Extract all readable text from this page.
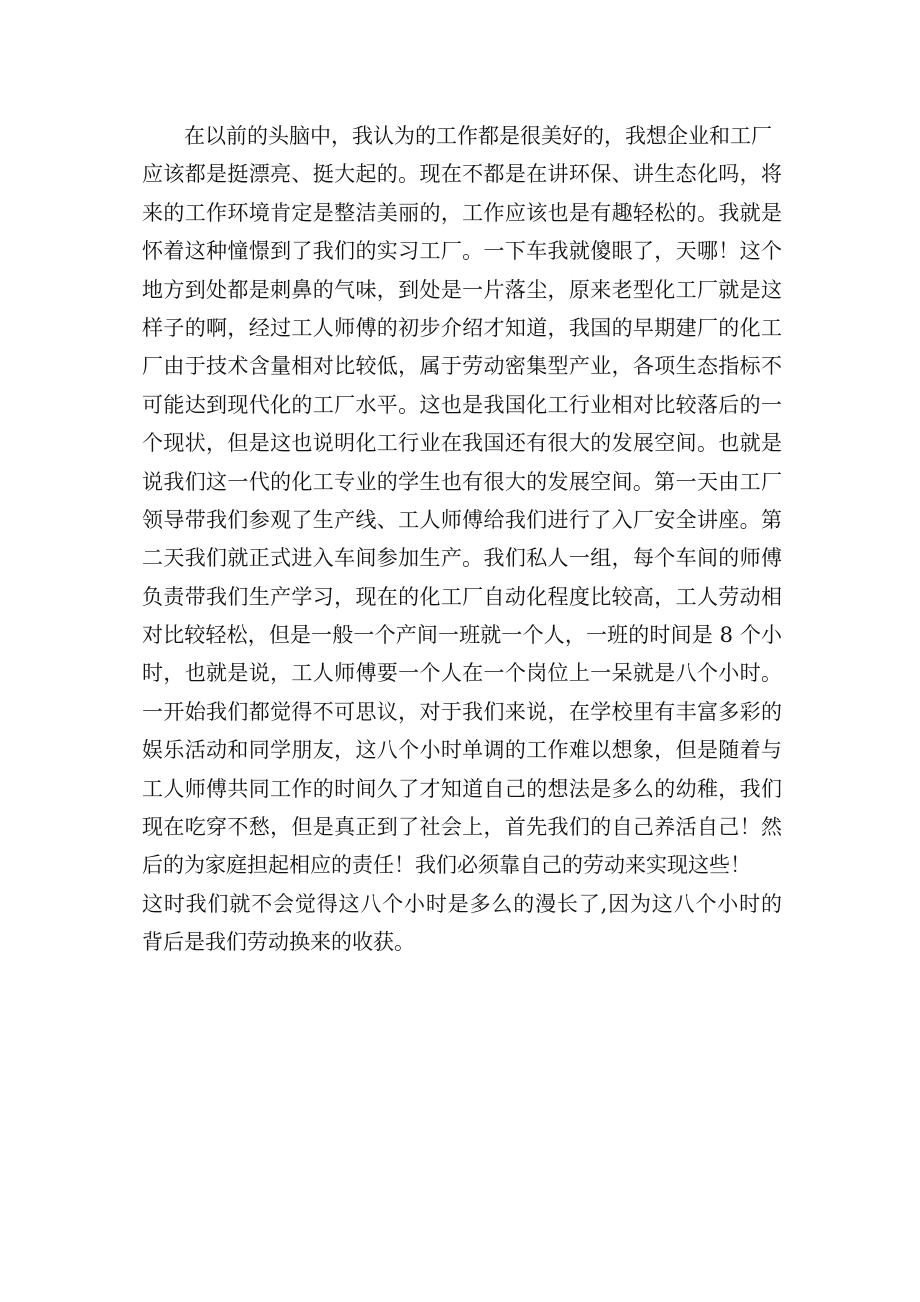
在以前的头脑中，我认为的工作都是很美好的，我想企业和工厂
应该都是挺漂亮、挺大起的。现在不都是在讲环保、讲生态化吗，将
来的工作环境肯定是整洁美丽的，工作应该也是有趣轻松的。我就是
怀着这种憧憬到了我们的实习工厂。一下车我就傻眼了，天哪！这个
地方到处都是刺鼻的气味，到处是一片落尘，原来老型化工厂就是这
样子的啊，经过工人师傅的初步介绍才知道，我国的早期建厂的化工
厂由于技术含量相对比较低，属于劳动密集型产业，各项生态指标不
可能达到现代化的工厂水平。这也是我国化工行业相对比较落后的一
个现状，但是这也说明化工行业在我国还有很大的发展空间。也就是
说我们这一代的化工专业的学生也有很大的发展空间。第一天由工厂
领导带我们参观了生产线、工人师傅给我们进行了入厂安全讲座。第
二天我们就正式进入车间参加生产。我们私人一组，每个车间的师傅
负责带我们生产学习，现在的化工厂自动化程度比较高，工人劳动相
对比较轻松，但是一般一个产间一班就一个人，一班的时间是 8 个小
时，也就是说，工人师傅要一个人在一个岗位上一呆就是八个小时。
一开始我们都觉得不可思议，对于我们来说，在学校里有丰富多彩的
娱乐活动和同学朋友，这八个小时单调的工作难以想象，但是随着与
工人师傅共同工作的时间久了才知道自己的想法是多么的幼稚，我们
现在吃穿不愁，但是真正到了社会上，首先我们的自己养活自己！然
后的为家庭担起相应的责任！我们必须靠自己的劳动来实现这些！
这时我们就不会觉得这八个小时是多么的漫长了,因为这八个小时的
背后是我们劳动换来的收获。
